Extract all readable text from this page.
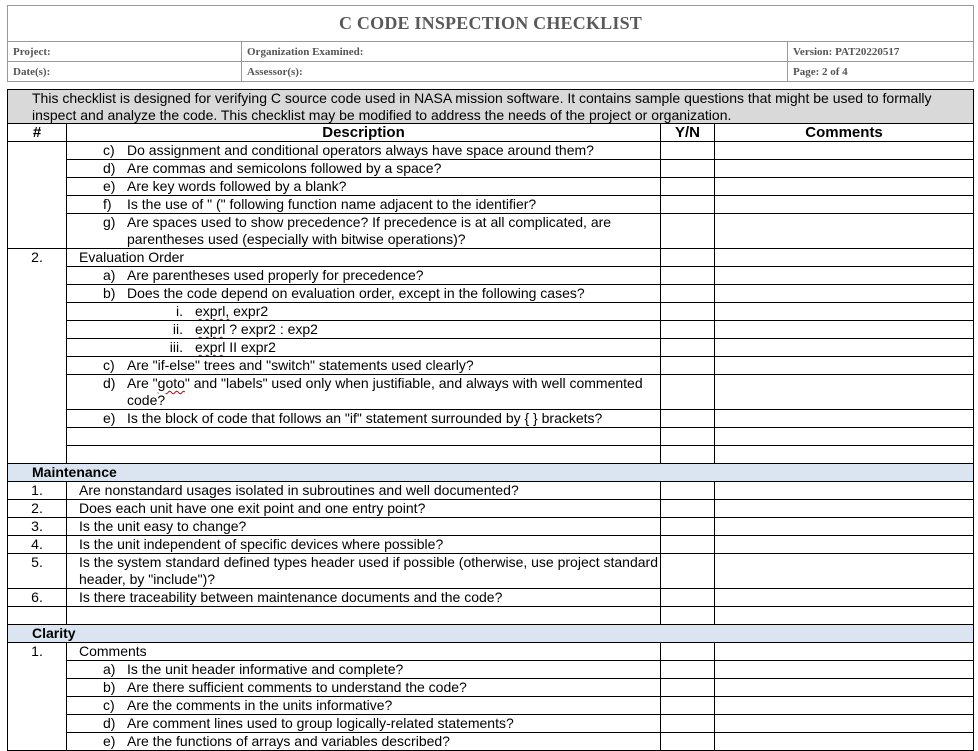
C CODE INSPECTION CHECKLIST		
Project:	Organization Examined:	Version: PAT20220517
Date(s):	Assessor(s):	Page: 2 of 4
This checklist is designed for verifying C source code used in NASA mission software. It contains sample questions that might be used to formally inspect and analyze the code. This checklist may be modified to address the needs of the project or organization.			
#	Description	Y/N	Comments
	c) Do assignment and conditional operators always have space around them?		
	d) Are commas and semicolons followed by a space?		
	e) Are key words followed by a blank?		
	f) Is the use of " (" following function name adjacent to the identifier?		
	g) Are spaces used to show precedence? If precedence is at all complicated, are parentheses used (especially with bitwise operations)?		
2.	Evaluation Order		
	a) Are parentheses used properly for precedence?		
	b) Does the code depend on evaluation order, except in the following cases?		
	i. exprl, expr2		
	ii. exprl ? expr2 : exp2		
	iii. exprl II expr2		
	c) Are "if-else" trees and "switch" statements used clearly?		
	d) Are "goto" and "labels" used only when justifiable, and always with well commented code?		
	e) Is the block of code that follows an "if" statement surrounded by { } brackets?		

Maintenance			
1.	Are nonstandard usages isolated in subroutines and well documented?		
2.	Does each unit have one exit point and one entry point?		
3.	Is the unit easy to change?		
4.	Is the unit independent of specific devices where possible?		
5.	Is the system standard defined types header used if possible (otherwise, use project standard header, by "include")?		
6.	Is there traceability between maintenance documents and the code?		

Clarity			
1.	Comments		
	a) Is the unit header informative and complete?		
	b) Are there sufficient comments to understand the code?		
	c) Are the comments in the units informative?		
	d) Are comment lines used to group logically-related statements?		
	e) Are the functions of arrays and variables described?		
